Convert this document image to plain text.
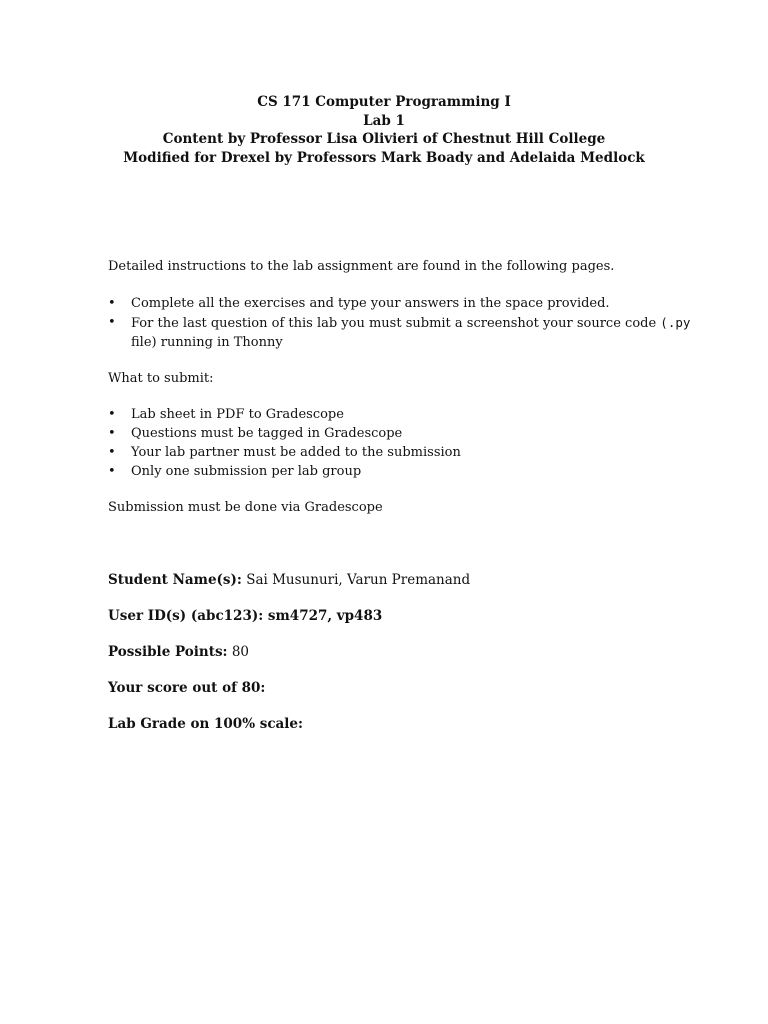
CS 171 Computer Programming I
Lab 1
Content by Professor Lisa Olivieri of Chestnut Hill College
Modified for Drexel by Professors Mark Boady and Adelaida Medlock

Detailed instructions to the lab assignment are found in the following pages.

• Complete all the exercises and type your answers in the space provided.
• For the last question of this lab you must submit a screenshot your source code (.py
file) running in Thonny

What to submit:

• Lab sheet in PDF to Gradescope
• Questions must be tagged in Gradescope
• Your lab partner must be added to the submission
• Only one submission per lab group

Submission must be done via Gradescope

Student Name(s): Sai Musunuri, Varun Premanand
User ID(s) (abc123): sm4727, vp483
Possible Points: 80
Your score out of 80:
Lab Grade on 100% scale:
